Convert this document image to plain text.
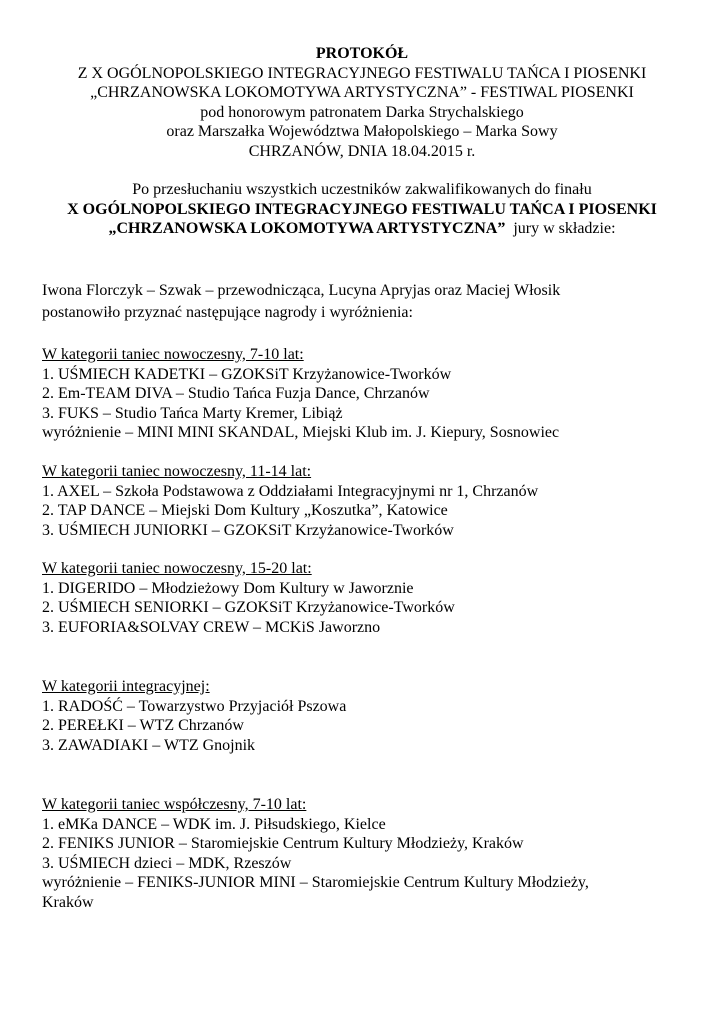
PROTOKÓŁ
Z X OGÓLNOPOLSKIEGO INTEGRACYJNEGO FESTIWALU TAŃCA I PIOSENKI
„CHRZANOWSKA LOKOMOTYWA ARTYSTYCZNA” - FESTIWAL PIOSENKI
pod honorowym patronatem Darka Strychalskiego
oraz Marszałka Województwa Małopolskiego – Marka Sowy
CHRZANÓW, DNIA 18.04.2015 r.
Po przesłuchaniu wszystkich uczestników zakwalifikowanych do finału
X OGÓLNOPOLSKIEGO INTEGRACYJNEGO FESTIWALU TAŃCA I PIOSENKI
„CHRZANOWSKA LOKOMOTYWA ARTYSTYCZNA” jury w składzie:
Iwona Florczyk – Szwak – przewodnicząca, Lucyna Apryjas oraz Maciej Włosik
postanowiło przyznać następujące nagrody i wyróżnienia:
W kategorii taniec nowoczesny, 7-10 lat:
1. UŚMIECH KADETKI – GZOKSiT Krzyżanowice-Tworków
2. Em-TEAM DIVA – Studio Tańca Fuzja Dance, Chrzanów
3. FUKS – Studio Tańca Marty Kremer, Libiąż
wyróżnienie – MINI MINI SKANDAL, Miejski Klub im. J. Kiepury, Sosnowiec
W kategorii taniec nowoczesny, 11-14 lat:
1. AXEL – Szkoła Podstawowa z Oddziałami Integracyjnymi nr 1, Chrzanów
2. TAP DANCE – Miejski Dom Kultury „Koszutka”, Katowice
3. UŚMIECH JUNIORKI – GZOKSiT Krzyżanowice-Tworków
W kategorii taniec nowoczesny, 15-20 lat:
1. DIGERIDO – Młodzieżowy Dom Kultury w Jaworznie
2. UŚMIECH SENIORKI – GZOKSiT Krzyżanowice-Tworków
3. EUFORIA&SOLVAY CREW – MCKiS Jaworzno
W kategorii integracyjnej:
1. RADOŚĆ – Towarzystwo Przyjaciół Pszowa
2. PEREŁKI – WTZ Chrzanów
3. ZAWADIAKI – WTZ Gnojnik
W kategorii taniec współczesny, 7-10 lat:
1. eMKa DANCE – WDK im. J. Piłsudskiego, Kielce
2. FENIKS JUNIOR – Staromiejskie Centrum Kultury Młodzieży, Kraków
3. UŚMIECH dzieci – MDK, Rzeszów
wyróżnienie – FENIKS-JUNIOR MINI – Staromiejskie Centrum Kultury Młodzieży,
Kraków
